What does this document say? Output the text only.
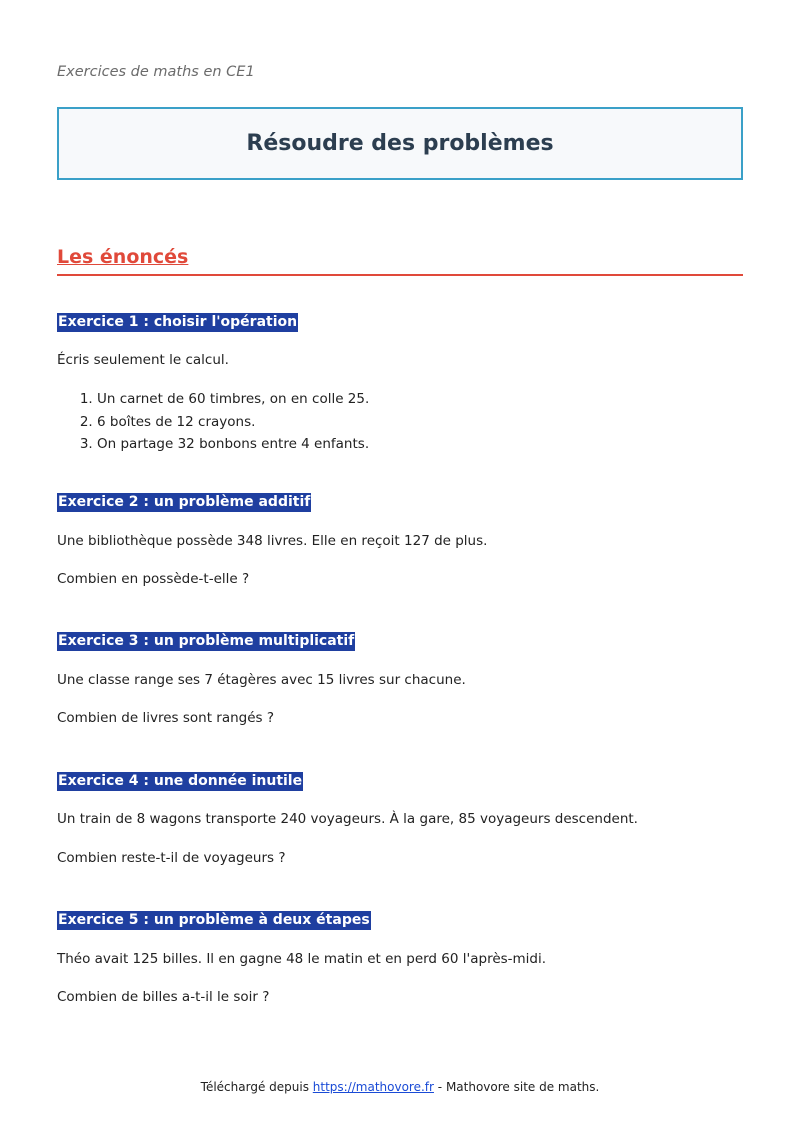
Exercices de maths en CE1
Résoudre des problèmes
Les énoncés
Exercice 1 : choisir l'opération
Écris seulement le calcul.
1. Un carnet de 60 timbres, on en colle 25.
2. 6 boîtes de 12 crayons.
3. On partage 32 bonbons entre 4 enfants.
Exercice 2 : un problème additif
Une bibliothèque possède 348 livres. Elle en reçoit 127 de plus.
Combien en possède-t-elle ?
Exercice 3 : un problème multiplicatif
Une classe range ses 7 étagères avec 15 livres sur chacune.
Combien de livres sont rangés ?
Exercice 4 : une donnée inutile
Un train de 8 wagons transporte 240 voyageurs. À la gare, 85 voyageurs descendent.
Combien reste-t-il de voyageurs ?
Exercice 5 : un problème à deux étapes
Théo avait 125 billes. Il en gagne 48 le matin et en perd 60 l'après-midi.
Combien de billes a-t-il le soir ?
Téléchargé depuis https://mathovore.fr - Mathovore site de maths.
